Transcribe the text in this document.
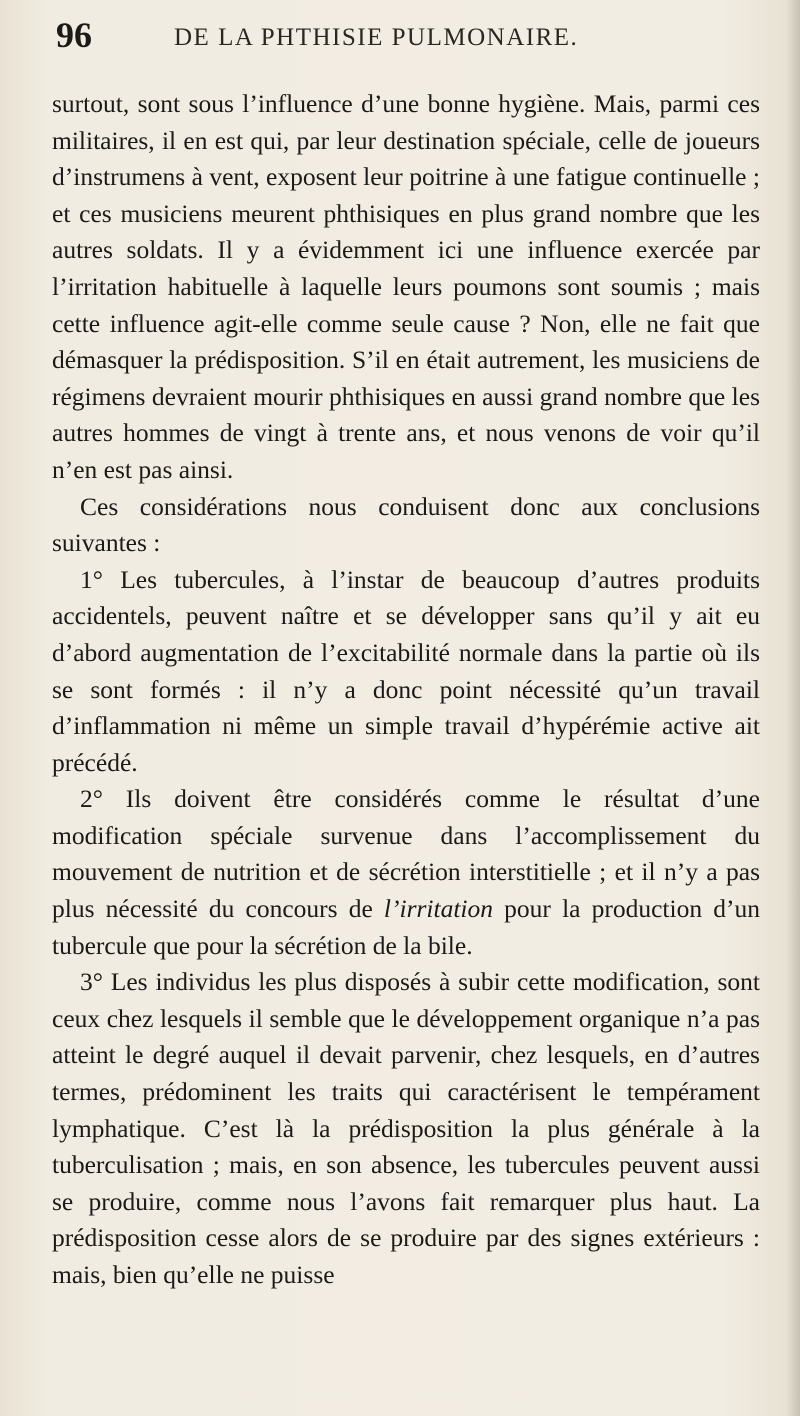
96	DE LA PHTHISIE PULMONAIRE.

surtout, sont sous l’influence d’une bonne hygiène. Mais, parmi ces militaires, il en est qui, par leur destination spéciale, celle de joueurs d’instrumens à vent, exposent leur poitrine à une fatigue continuelle ; et ces musiciens meurent phthisiques en plus grand nombre que les autres soldats. Il y a évidemment ici une influence exercée par l’irritation habituelle à laquelle leurs poumons sont soumis ; mais cette influence agit-elle comme seule cause ? Non, elle ne fait que démasquer la prédisposition. S’il en était autrement, les musiciens de régimens devraient mourir phthisiques en aussi grand nombre que les autres hommes de vingt à trente ans, et nous venons de voir qu’il n’en est pas ainsi.

Ces considérations nous conduisent donc aux conclusions suivantes :

1° Les tubercules, à l’instar de beaucoup d’autres produits accidentels, peuvent naître et se développer sans qu’il y ait eu d’abord augmentation de l’excitabilité normale dans la partie où ils se sont formés : il n’y a donc point nécessité qu’un travail d’inflammation ni même un simple travail d’hypérémie active ait précédé.

2° Ils doivent être considérés comme le résultat d’une modification spéciale survenue dans l’accomplissement du mouvement de nutrition et de sécrétion interstitielle ; et il n’y a pas plus nécessité du concours de l’irritation pour la production d’un tubercule que pour la sécrétion de la bile.

3° Les individus les plus disposés à subir cette modification, sont ceux chez lesquels il semble que le développement organique n’a pas atteint le degré auquel il devait parvenir, chez lesquels, en d’autres termes, prédominent les traits qui caractérisent le tempérament lymphatique. C’est là la prédisposition la plus générale à la tuberculisation ; mais, en son absence, les tubercules peuvent aussi se produire, comme nous l’avons fait remarquer plus haut. La prédisposition cesse alors de se produire par des signes extérieurs : mais, bien qu’elle ne puisse
